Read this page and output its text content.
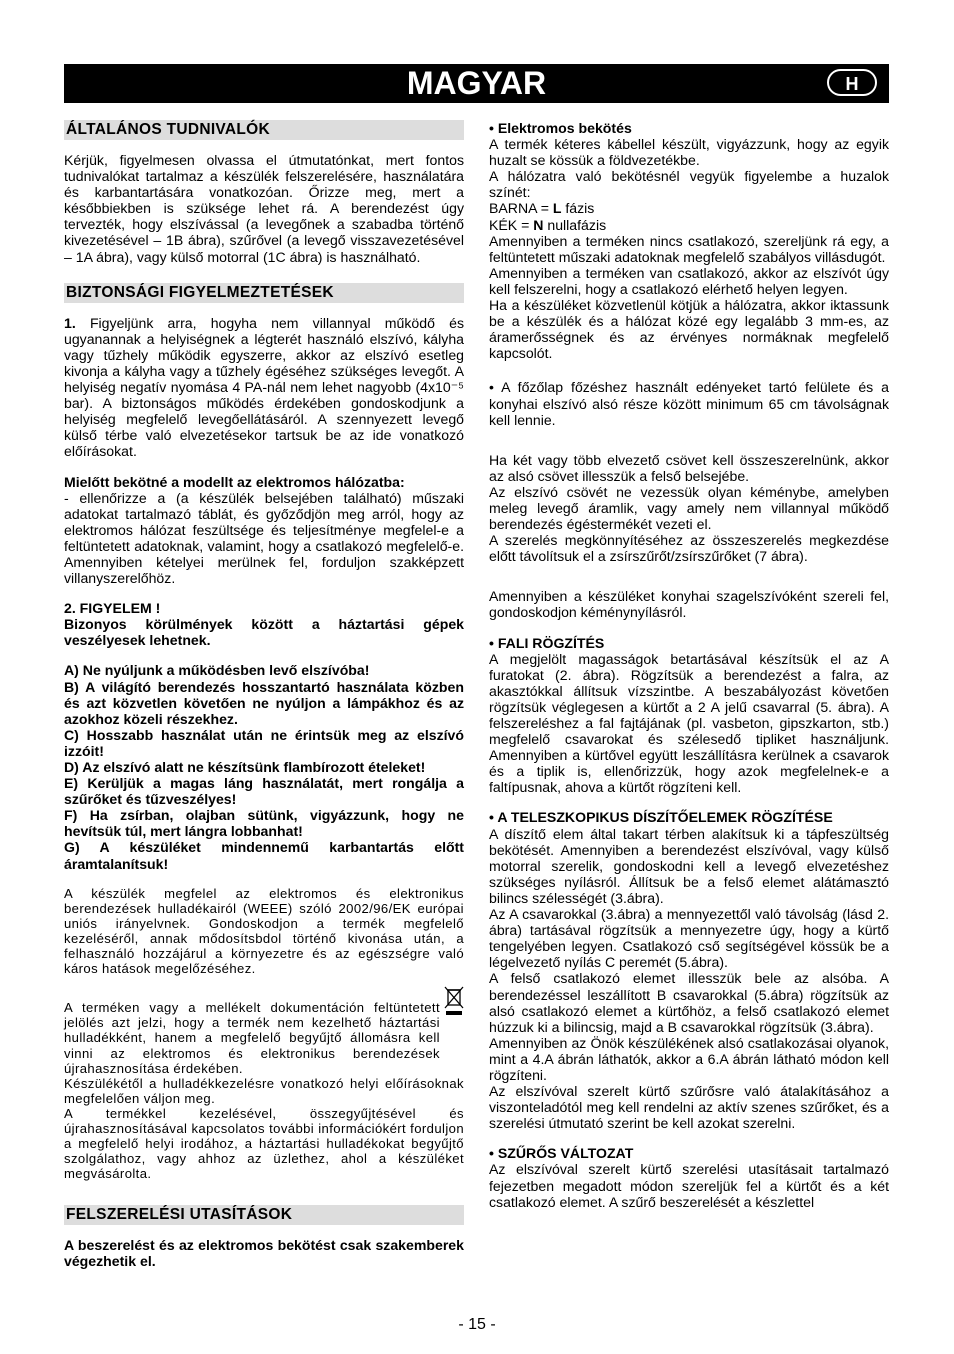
MAGYAR	H
ÁLTALÁNOS TUDNIVALÓK

Kérjük, figyelmesen olvassa el útmutatónkat, mert fontos tudnivalókat tartalmaz a készülék felszerelésére, használatára és karbantartására vonatkozóan. Őrizze meg, mert a későbbiekben is szüksége lehet rá. A berendezést úgy tervezték, hogy elszívással (a levegőnek a szabadba történő kivezetésével – 1B ábra), szűrővel (a levegő visszavezetésével – 1A ábra), vagy külső motorral (1C ábra) is használható.

BIZTONSÁGI FIGYELMEZTETÉSEK

1. Figyeljünk arra, hogyha nem villannyal működő és ugyanannak a helyiségnek a légterét használó elszívó, kályha vagy tűzhely működik egyszerre, akkor az elszívó esetleg kivonja a kályha vagy a tűzhely égéséhez szükséges levegőt. A helyiség negatív nyomása 4 PA-nál nem lehet nagyobb (4x10⁻⁵ bar). A biztonságos működés érdekében gondoskodjunk a helyiség megfelelő levegőellátásáról. A szennyezett levegő külső térbe való elvezetésekor tartsuk be az ide vonatkozó előírásokat.

Mielőtt bekötné a modellt az elektromos hálózatba:

- ellenőrizze a (a készülék belsejében található) műszaki adatokat tartalmazó táblát, és győződjön meg arról, hogy az elektromos hálózat feszültsége és teljesítménye megfelel-e a feltüntetett adatoknak, valamint, hogy a csatlakozó megfelelő-e. Amennyiben kételyei merülnek fel, forduljon szakképzett villanyszerelőhöz.

2. FIGYELEM !

Bizonyos körülmények között a háztartási gépek veszélyesek lehetnek.

A) Ne nyúljunk a működésben levő elszívóba!

B) A világító berendezés hosszantartó használata közben és azt közvetlen követően ne nyúljon a lámpákhoz és az azokhoz közeli részekhez.

C) Hosszabb használat után ne érintsük meg az elszívó izzóit!

D) Az elszívó alatt ne készítsünk flambírozott ételeket!

E) Kerüljük a magas láng használatát, mert rongálja a szűrőket és tűzveszélyes!

F) Ha zsírban, olajban sütünk, vigyázzunk, hogy ne hevítsük túl, mert lángra lobbanhat!

G) A készüléket mindennemű karbantartás előtt áramtalanítsuk!

A készülék megfelel az elektromos és elektronikus berendezések hulladékairól (WEEE) szóló 2002/96/EK európai uniós irányelvnek. Gondoskodjon a termék megfelelő kezeléséről, annak mődosítsbdol történő kivonása után, a felhasználó hozzájárul a környezetre és az egészségre való káros hatások megelőzéséhez.

A terméken vagy a mellékelt dokumentáción feltüntetett jelölés azt jelzi, hogy a termék nem kezelhető háztartási hulladékként, hanem a megfelelő begyűjtő állomásra kell vinni az elektromos és elektronikus berendezések újrahasznosítása érdekében.

Készülékétől a hulladékkezelésre vonatkozó helyi előírásoknak megfelelően váljon meg.

A termékkel kezelésével, összegyűjtésével és újrahasznosításával kapcsolatos további információkért forduljon a megfelelő helyi irodához, a háztartási hulladékokat begyűjtő szolgálathoz, vagy ahhoz az üzlethez, ahol a készüléket megvásárolta.

FELSZERELÉSI UTASÍTÁSOK

A beszerelést és az elektromos bekötést csak szakemberek végezhetik el.

• Elektromos bekötés

A termék kéteres kábellel készült, vigyázzunk, hogy az egyik huzalt se kössük a földvezetékbe.

A hálózatra való bekötésnél vegyük figyelembe a huzalok színét:

BARNA = L fázis

KÉK = N nullafázis

Amennyiben a terméken nincs csatlakozó, szereljünk rá egy, a feltüntetett műszaki adatoknak megfelelő szabályos villásdugót.

Amennyiben a terméken van csatlakozó, akkor az elszívót úgy kell felszerelni, hogy a csatlakozó elérhető helyen legyen.

Ha a készüléket közvetlenül kötjük a hálózatra, akkor iktassunk be a készülék és a hálózat közé egy legalább 3 mm-es, az áramerősségnek és az érvényes normáknak megfelelő kapcsolót.

• A főzőlap főzéshez használt edényeket tartó felülete és a konyhai elszívó alsó része között minimum 65 cm távolságnak kell lennie.

Ha két vagy több elvezető csövet kell összeszerelnünk, akkor az alsó csövet illesszük a felső belsejébe.

Az elszívó csövét ne vezessük olyan kéménybe, amelyben meleg levegő áramlik, vagy amely nem villannyal működő berendezés égéstermékét vezeti el.

A szerelés megkönnyítéséhez az összeszerelés megkezdése előtt távolítsuk el a zsírszűrőt/zsírszűrőket (7 ábra).

Amennyiben a készüléket konyhai szagelszívóként szereli fel, gondoskodjon kéménynyílásról.

• FALI RÖGZÍTÉS

A megjelölt magasságok betartásával készítsük el az A furatokat (2. ábra). Rögzítsük a berendezést a falra, az akasztókkal állítsuk vízszintbe. A beszabályozást követően rögzítsük véglegesen a kürtőt a 2 A jelű csavarral (5. ábra). A felszereléshez a fal fajtájának (pl. vasbeton, gipszkarton, stb.) megfelelő csavarokat és szélesedő tipliket használjunk. Amennyiben a kürtővel együtt leszállításra kerülnek a csavarok és a tiplik is, ellenőrizzük, hogy azok megfelelnek-e a faltípusnak, ahova a kürtőt rögzíteni kell.

• A TELESZKOPIKUS DÍSZÍTŐELEMEK RÖGZÍTÉSE

A díszítő elem által takart térben alakítsuk ki a tápfeszültség bekötését. Amennyiben a berendezést elszívóval, vagy külső motorral szerelik, gondoskodni kell a levegő elvezetéshez szükséges nyílásról. Állítsuk be a felső elemet alátámasztó bilincs szélességét (3.ábra).

Az A csavarokkal (3.ábra) a mennyezettől való távolság (lásd 2. ábra) tartásával rögzítsük a mennyezetre úgy, hogy a kürtő tengelyében legyen. Csatlakozó cső segítségével kössük be a légelvezető nyílás C peremét (5.ábra).

A felső csatlakozó elemet illesszük bele az alsóba. A berendezéssel leszállított B csavarokkal (5.ábra) rögzítsük az alsó csatlakozó elemet a kürtőhöz, a felső csatlakozó elemet húzzuk ki a bilincsig, majd a B csavarokkal rögzítsük (3.ábra).

Amennyiben az Önök készülékének alsó csatlakozásai olyanok, mint a 4.A ábrán láthatók, akkor a 6.A ábrán látható módon kell rögzíteni.

Az elszívóval szerelt kürtő szűrősre való átalakításához a viszonteladótól meg kell rendelni az aktív szenes szűrőket, és a szerelési útmutató szerint be kell azokat szerelni.

• SZŰRŐS VÁLTOZAT

Az elszívóval szerelt kürtő szerelési utasításait tartalmazó fejezetben megadott módon szereljük fel a kürtőt és a két csatlakozó elemet. A szűrő beszerelését a készlettel

- 15 -
